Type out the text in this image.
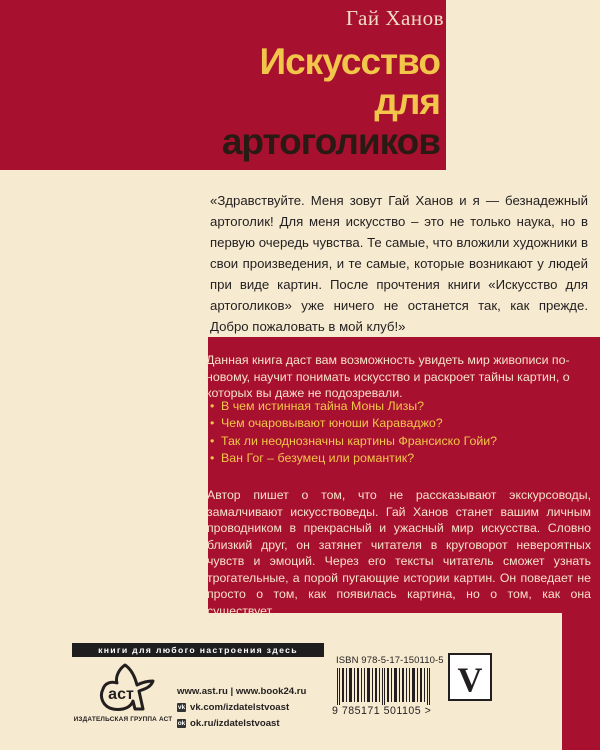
Гай Ханов
Искусство
для
артоголиков

«Здравствуйте. Меня зовут Гай Ханов и я — безнадежный артоголик! Для меня искусство – это не только наука, но в первую очередь чувства. Те самые, что вложили художники в свои произведения, и те самые, которые возникают у людей при виде картин. После прочтения книги «Искусство для артоголиков» уже ничего не останется так, как прежде. Добро пожаловать в мой клуб!»

Данная книга даст вам возможность увидеть мир живописи по-новому, научит понимать искусство и раскроет тайны картин, о которых вы даже не подозревали.

• В чем истинная тайна Моны Лизы?
• Чем очаровывают юноши Караваджо?
• Так ли неоднозначны картины Франсиско Гойи?
• Ван Гог – безумец или романтик?

Автор пишет о том, что не рассказывают экскурсоводы, замалчивают искусствоведы. Гай Ханов станет вашим личным проводником в прекрасный и ужасный мир искусства. Словно близкий друг, он затянет читателя в круговорот невероятных чувств и эмоций. Через его тексты читатель сможет узнать трогательные, а порой пугающие истории картин. Он поведает не просто о том, как появилась картина, но о том, как она существует.

книги для любого настроения здесь
аст
ИЗДАТЕЛЬСКАЯ ГРУППА АСТ
www.ast.ru | www.book24.ru
vk vk.com/izdatelstvoast
ok ok.ru/izdatelstvoast
ISBN 978-5-17-150110-5
9 785171 501105 >
V
